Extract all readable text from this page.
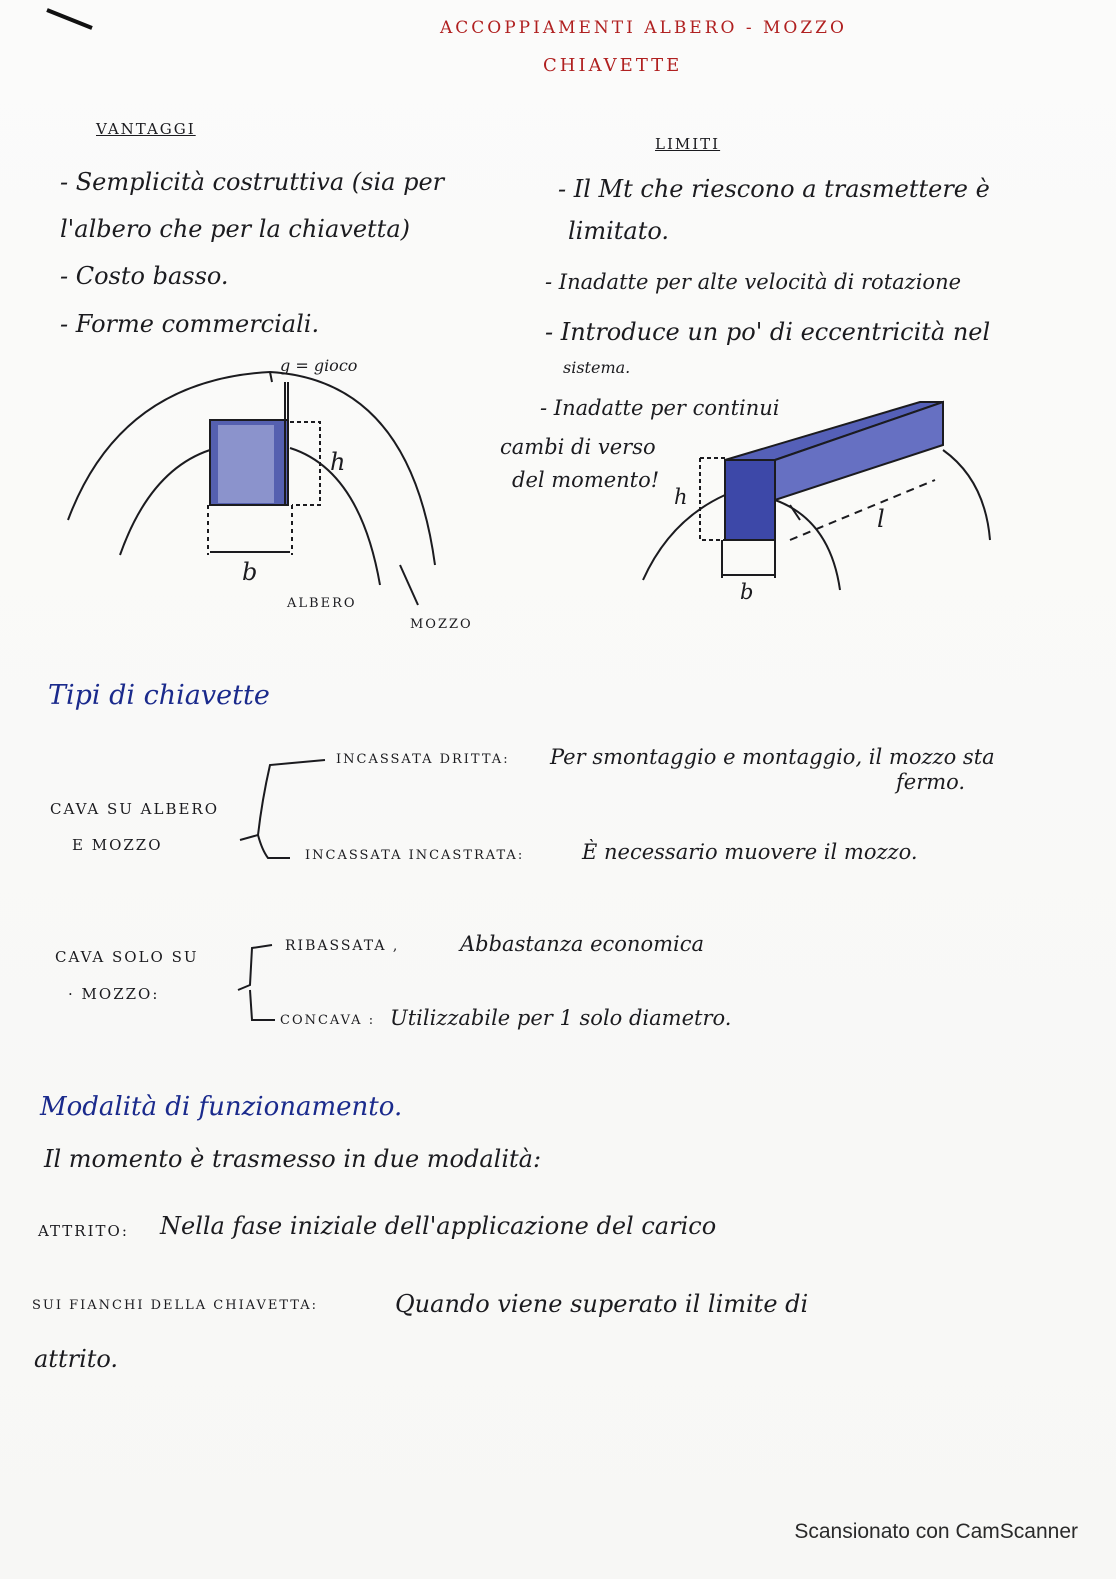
ACCOPPIAMENTI ALBERO - MOZZO
CHIAVETTE
VANTAGGI
- Semplicità costruttiva (sia per
l'albero che per la chiavetta)
- Costo basso.
- Forme commerciali.
LIMITI
- Il Mt che riescono a trasmettere è
limitato.
- Inadatte per alte velocità di rotazione
- Introduce un po' di eccentricità nel
sistema.
- Inadatte per continui
cambi di verso
del momento!
g = gioco
h
b
ALBERO
MOZZO
h
l
b
Tipi di chiavette
CAVA SU ALBERO
E MOZZO
INCASSATA DRITTA: Per smontaggio e montaggio, il mozzo sta
fermo.
INCASSATA INCASTRATA:	È necessario muovere il mozzo.
CAVA SOLO SU
· MOZZO:
RIBASSATA ,	Abbastanza economica
CONCAVA : Utilizzabile per 1 solo diametro.
Modalità di funzionamento.
Il momento è trasmesso in due modalità:
ATTRITO: Nella fase iniziale dell'applicazione del carico
SUI FIANCHI DELLA CHIAVETTA:	Quando viene superato il limite di
attrito.
Scansionato con CamScanner
